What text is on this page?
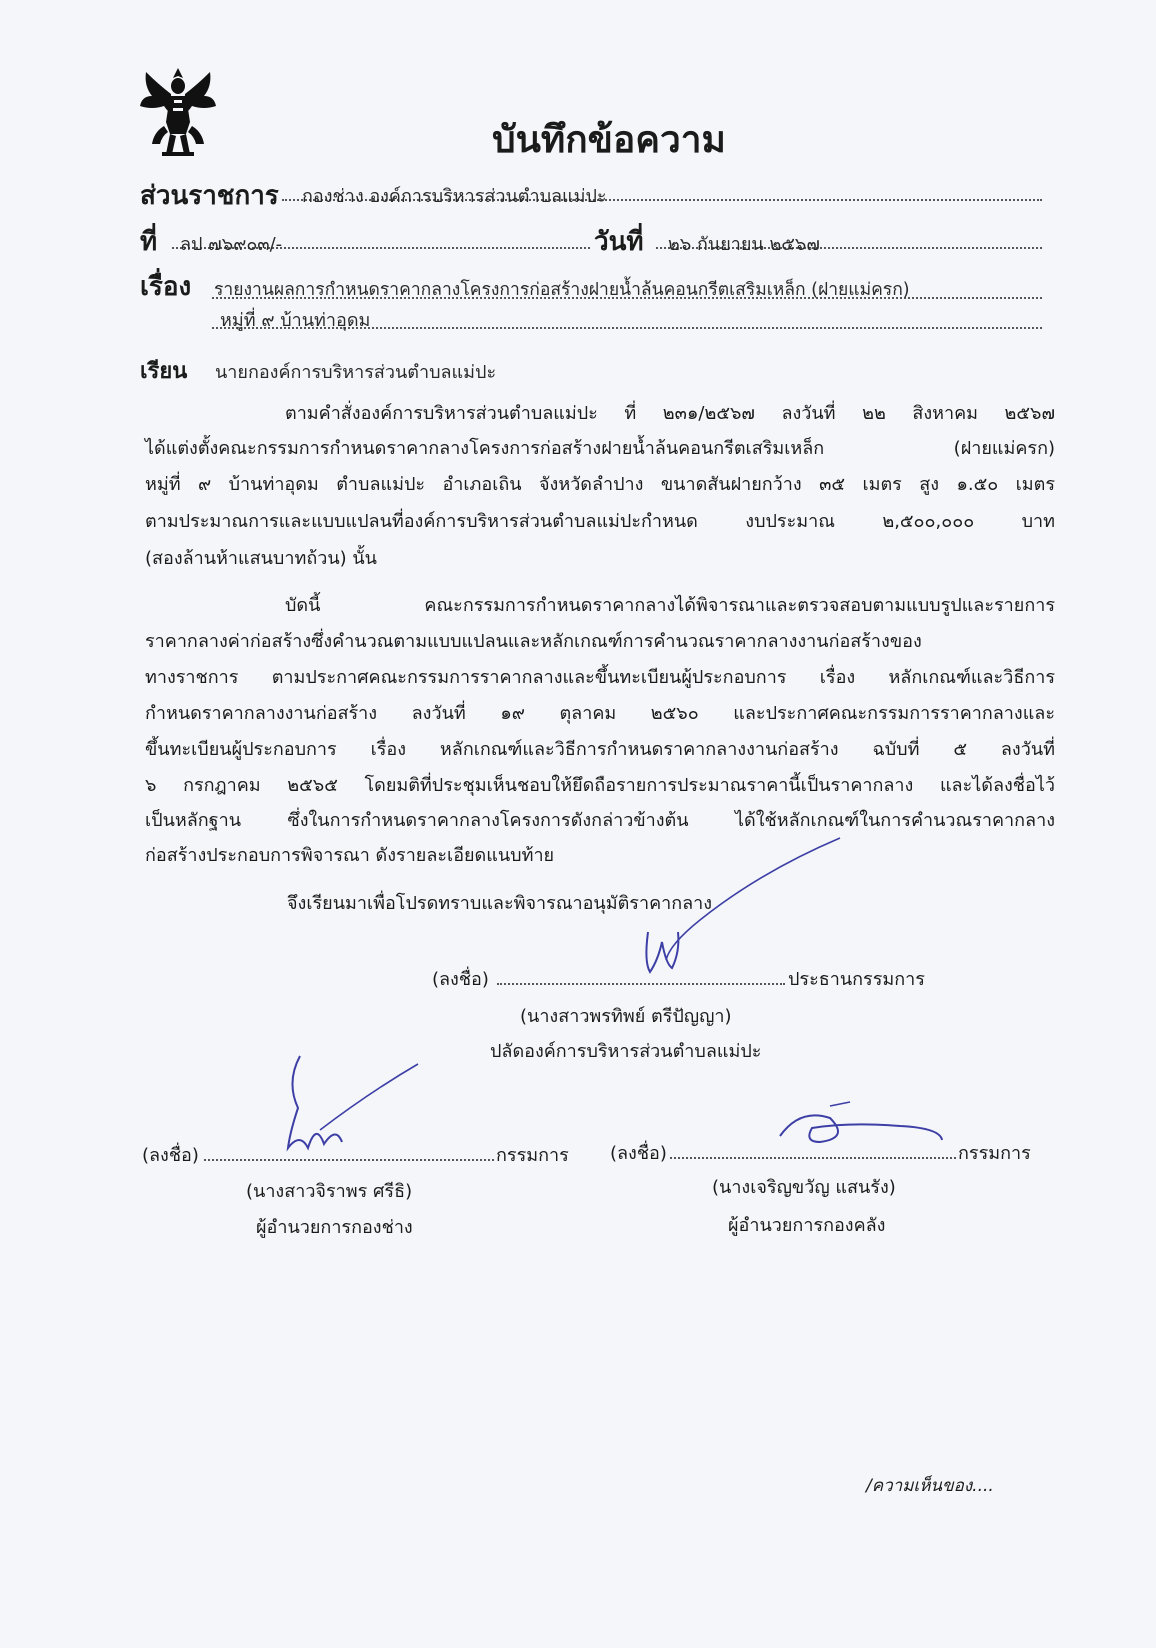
บันทึกข้อความ
ส่วนราชการ กองช่าง องค์การบริหารส่วนตำบลแม่ปะ
ที่ ลป ๗๖๙๐๓/-	วันที่ ๒๖ กันยายน ๒๕๖๗
เรื่อง รายงานผลการกำหนดราคากลางโครงการก่อสร้างฝายน้ำล้นคอนกรีตเสริมเหล็ก (ฝายแม่ครก)
หมู่ที่ ๙ บ้านท่าอุดม
เรียน นายกองค์การบริหารส่วนตำบลแม่ปะ
ตามคำสั่งองค์การบริหารส่วนตำบลแม่ปะ ที่ ๒๓๑/๒๕๖๗ ลงวันที่ ๒๒ สิงหาคม ๒๕๖๗
ได้แต่งตั้งคณะกรรมการกำหนดราคากลางโครงการก่อสร้างฝายน้ำล้นคอนกรีตเสริมเหล็ก (ฝายแม่ครก)
หมู่ที่ ๙ บ้านท่าอุดม ตำบลแม่ปะ อำเภอเถิน จังหวัดลำปาง ขนาดสันฝายกว้าง ๓๕ เมตร สูง ๑.๕๐ เมตร
ตามประมาณการและแบบแปลนที่องค์การบริหารส่วนตำบลแม่ปะกำหนด งบประมาณ ๒,๕๐๐,๐๐๐ บาท
(สองล้านห้าแสนบาทถ้วน) นั้น
บัดนี้ คณะกรรมการกำหนดราคากลางได้พิจารณาและตรวจสอบตามแบบรูปและรายการ
ราคากลางค่าก่อสร้างซึ่งคำนวณตามแบบแปลนและหลักเกณฑ์การคำนวณราคากลางงานก่อสร้างของ
ทางราชการ ตามประกาศคณะกรรมการราคากลางและขึ้นทะเบียนผู้ประกอบการ เรื่อง หลักเกณฑ์และวิธีการ
กำหนดราคากลางงานก่อสร้าง ลงวันที่ ๑๙ ตุลาคม ๒๕๖๐ และประกาศคณะกรรมการราคากลางและ
ขึ้นทะเบียนผู้ประกอบการ เรื่อง หลักเกณฑ์และวิธีการกำหนดราคากลางงานก่อสร้าง ฉบับที่ ๕ ลงวันที่
๖ กรกฎาคม ๒๕๖๕ โดยมติที่ประชุมเห็นชอบให้ยึดถือรายการประมาณราคานี้เป็นราคากลาง และได้ลงชื่อไว้
เป็นหลักฐาน ซึ่งในการกำหนดราคากลางโครงการดังกล่าวข้างต้น ได้ใช้หลักเกณฑ์ในการคำนวณราคากลาง
ก่อสร้างประกอบการพิจารณา ดังรายละเอียดแนบท้าย
จึงเรียนมาเพื่อโปรดทราบและพิจารณาอนุมัติราคากลาง
(ลงชื่อ)	ประธานกรรมการ
(นางสาวพรทิพย์ ตรีปัญญา)
ปลัดองค์การบริหารส่วนตำบลแม่ปะ
(ลงชื่อ)	กรรมการ
(นางสาวจิราพร ศรีธิ)
ผู้อำนวยการกองช่าง
(ลงชื่อ)	กรรมการ
(นางเจริญขวัญ แสนรัง)
ผู้อำนวยการกองคลัง
/ความเห็นของ....
